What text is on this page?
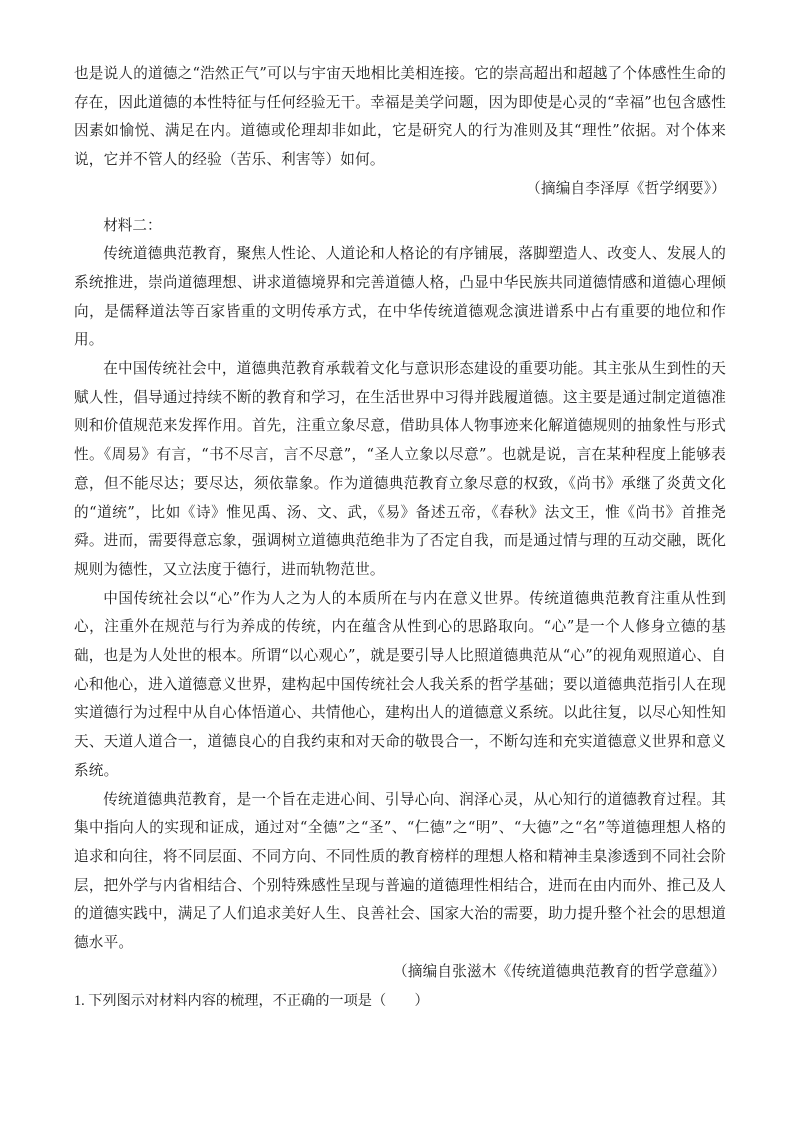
也是说人的道德之“浩然正气”可以与宇宙天地相比美相连接。它的崇高超出和超越了个体感性生命的存在，因此道德的本性特征与任何经验无干。幸福是美学问题，因为即使是心灵的“幸福”也包含感性因素如愉悦、满足在内。道德或伦理却非如此，它是研究人的行为准则及其“理性”依据。对个体来说，它并不管人的经验（苦乐、利害等）如何。

（摘编自李泽厚《哲学纲要》）

材料二：

传统道德典范教育，聚焦人性论、人道论和人格论的有序铺展，落脚塑造人、改变人、发展人的系统推进，崇尚道德理想、讲求道德境界和完善道德人格，凸显中华民族共同道德情感和道德心理倾向，是儒释道法等百家皆重的文明传承方式，在中华传统道德观念演进谱系中占有重要的地位和作用。

在中国传统社会中，道德典范教育承载着文化与意识形态建设的重要功能。其主张从生到性的天赋人性，倡导通过持续不断的教育和学习，在生活世界中习得并践履道德。这主要是通过制定道德准则和价值规范来发挥作用。首先，注重立象尽意，借助具体人物事迹来化解道德规则的抽象性与形式性。《周易》有言，“书不尽言，言不尽意”，“圣人立象以尽意”。也就是说，言在某种程度上能够表意，但不能尽达；要尽达，须依靠象。作为道德典范教育立象尽意的权致，《尚书》承继了炎黄文化的“道统”，比如《诗》惟见禹、汤、文、武，《易》备述五帝，《春秋》法文王，惟《尚书》首推尧舜。进而，需要得意忘象，强调树立道德典范绝非为了否定自我，而是通过情与理的互动交融，既化规则为德性，又立法度于德行，进而轨物范世。

中国传统社会以“心”作为人之为人的本质所在与内在意义世界。传统道德典范教育注重从性到心，注重外在规范与行为养成的传统，内在蕴含从性到心的思路取向。“心”是一个人修身立德的基础，也是为人处世的根本。所谓“以心观心”，就是要引导人比照道德典范从“心”的视角观照道心、自心和他心，进入道德意义世界，建构起中国传统社会人我关系的哲学基础；要以道德典范指引人在现实道德行为过程中从自心体悟道心、共情他心，建构出人的道德意义系统。以此往复，以尽心知性知天、天道人道合一，道德良心的自我约束和对天命的敬畏合一，不断勾连和充实道德意义世界和意义系统。

传统道德典范教育，是一个旨在走进心间、引导心向、润泽心灵，从心知行的道德教育过程。其集中指向人的实现和证成，通过对“全德”之“圣”、“仁德”之“明”、“大德”之“名”等道德理想人格的追求和向往，将不同层面、不同方向、不同性质的教育榜样的理想人格和精神圭臬渗透到不同社会阶层，把外学与内省相结合、个别特殊感性呈现与普遍的道德理性相结合，进而在由内而外、推己及人的道德实践中，满足了人们追求美好人生、良善社会、国家大治的需要，助力提升整个社会的思想道德水平。

（摘编自张滋木《传统道德典范教育的哲学意蕴》）

1. 下列图示对材料内容的梳理，不正确的一项是（　　）
